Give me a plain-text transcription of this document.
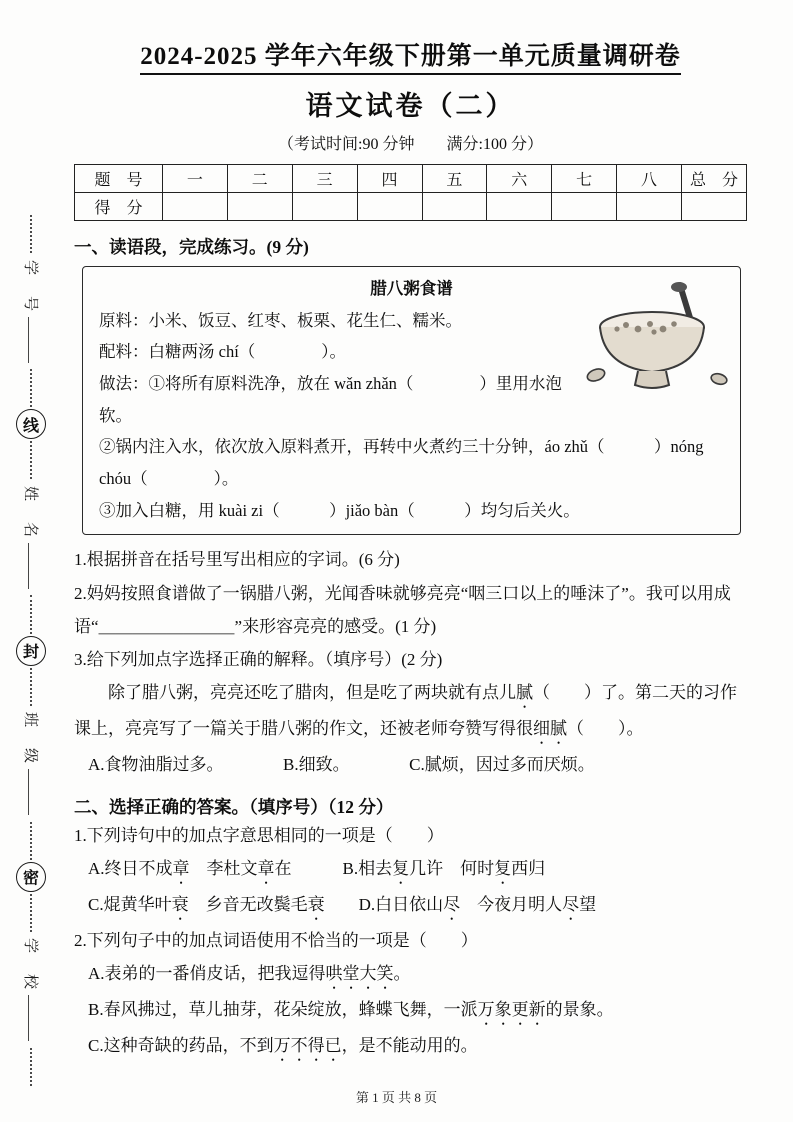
学　号
线
姓　名
封
班　级
密
学　校
2024-2025 学年六年级下册第一单元质量调研卷
语文试卷（二）
（考试时间:90 分钟　　满分:100 分）
题　号	一	二	三	四	五	六	七	八	总　分
得　分									
一、读语段，完成练习。(9 分)
腊八粥食谱

原料：小米、饭豆、红枣、板栗、花生仁、糯米。

配料：白糖两汤 chí（　　　　）。

做法：①将所有原料洗净，放在 wǎn zhǎn（　　　　）里用水泡软。

②锅内注入水，依次放入原料煮开，再转中火煮约三十分钟，áo zhǔ（　　　）nóng chóu（　　　　）。

③加入白糖，用 kuài zi（　　　）jiǎo bàn（　　　）均匀后关火。

1.根据拼音在括号里写出相应的字词。(6 分)

2.妈妈按照食谱做了一锅腊八粥，光闻香味就够亮亮“咽三口以上的唾沫了”。我可以用成语“＿＿＿＿＿＿＿＿”来形容亮亮的感受。(1 分)

3.给下列加点字选择正确的解释。（填序号）(2 分)

除了腊八粥，亮亮还吃了腊肉，但是吃了两块就有点儿腻（　　）了。第二天的习作课上，亮亮写了一篇关于腊八粥的作文，还被老师夸赞写得很细腻（　　）。

A.食物油脂过多。　　　　B.细致。　　　　C.腻烦，因过多而厌烦。

二、选择正确的答案。（填序号）（12 分）

1.下列诗句中的加点字意思相同的一项是（　　）

A.终日不成章　李杜文章在　　　B.相去复几许　何时复西归

C.焜黄华叶衰　乡音无改鬓毛衰　　D.白日依山尽　今夜月明人尽望

2.下列句子中的加点词语使用不恰当的一项是（　　）

A.表弟的一番俏皮话，把我逗得哄堂大笑。

B.春风拂过，草儿抽芽，花朵绽放，蜂蝶飞舞，一派万象更新的景象。

C.这种奇缺的药品，不到万不得已，是不能动用的。

第 1 页 共 8 页
